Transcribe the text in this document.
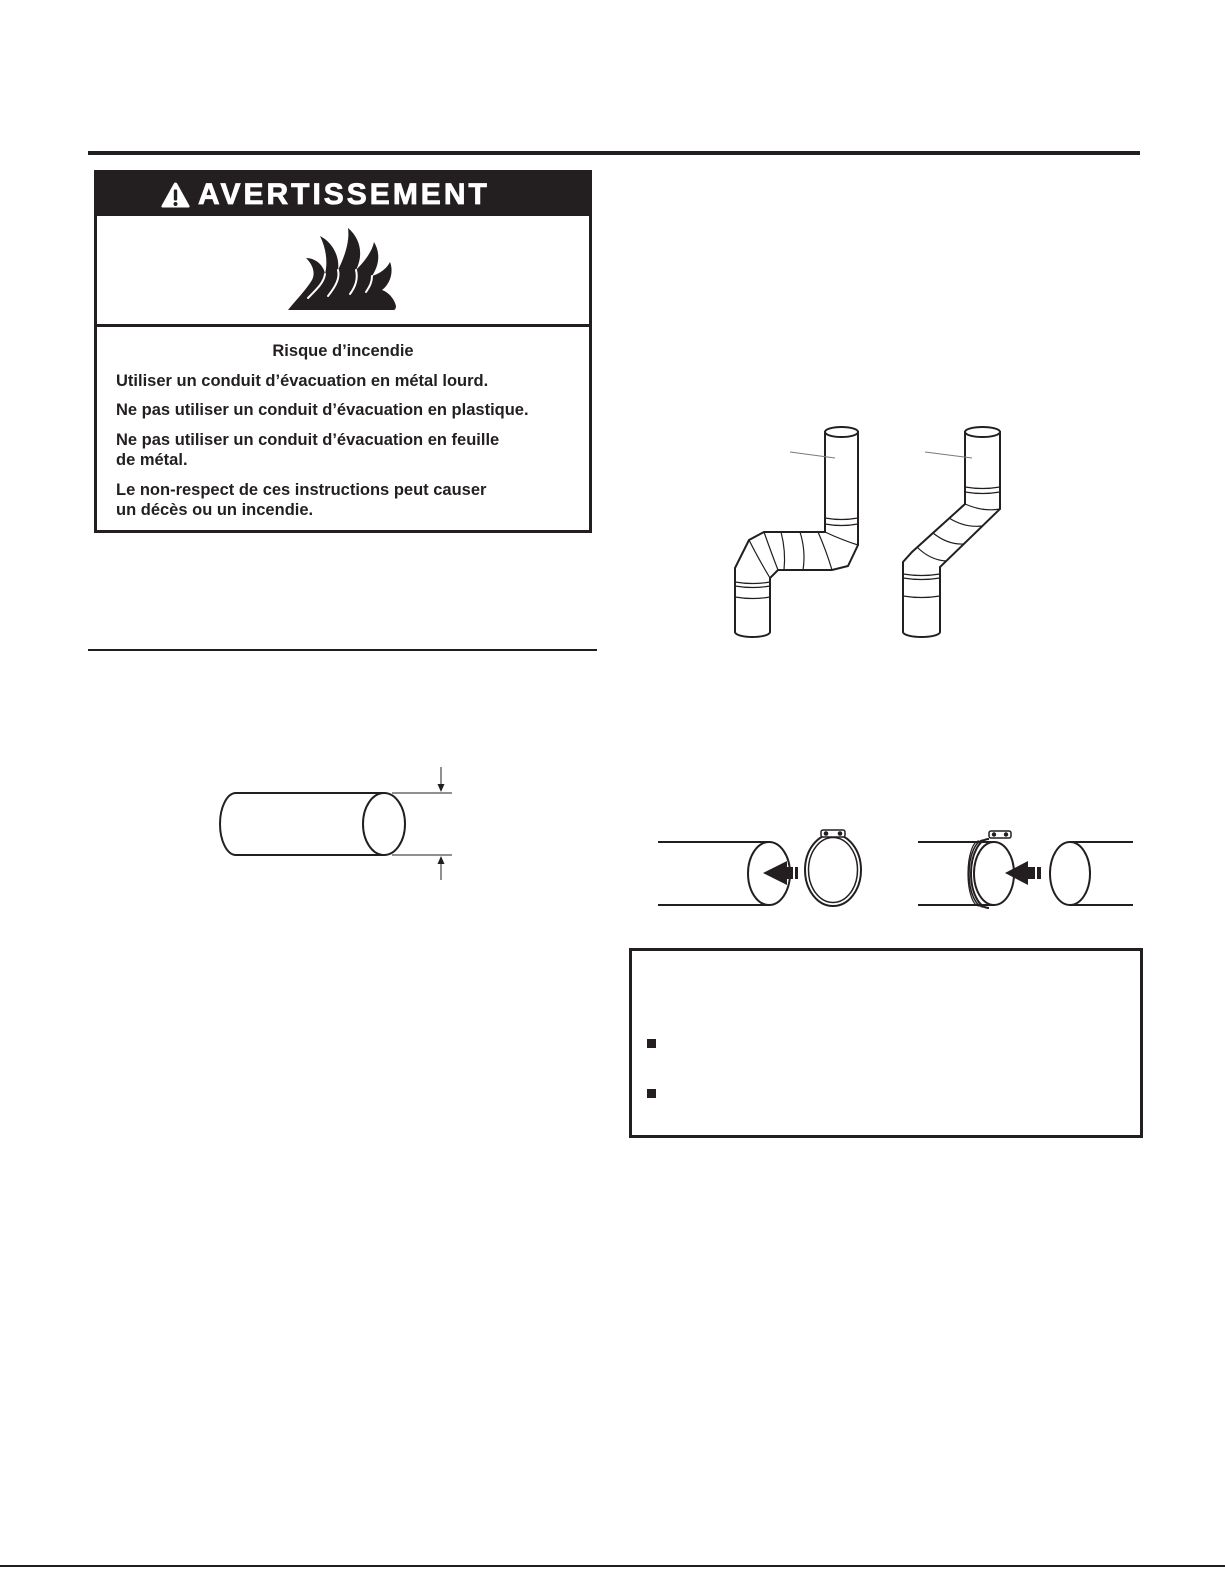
AVERTISSEMENT
Risque d’incendie
Utiliser un conduit d’évacuation en métal lourd.
Ne pas utiliser un conduit d’évacuation en plastique.
Ne pas utiliser un conduit d’évacuation en feuille
de métal.
Le non-respect de ces instructions peut causer
un décès ou un incendie.
